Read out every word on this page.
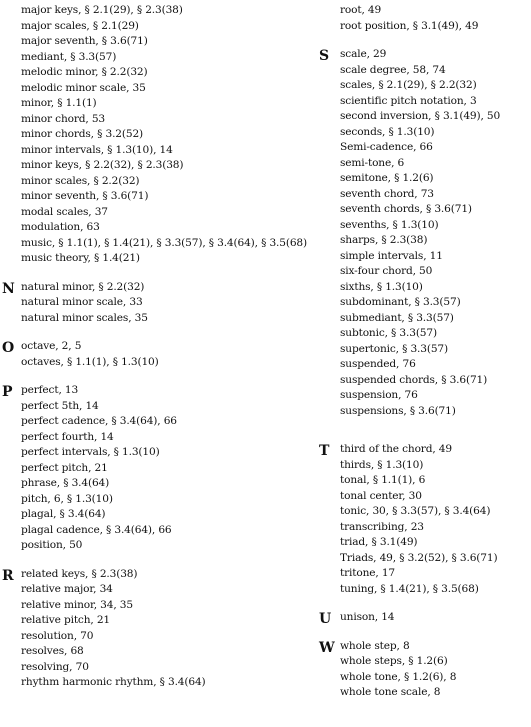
major keys, § 2.1(29), § 2.3(38)
major scales, § 2.1(29)
major seventh, § 3.6(71)
mediant, § 3.3(57)
melodic minor, § 2.2(32)
melodic minor scale, 35
minor, § 1.1(1)
minor chord, 53
minor chords, § 3.2(52)
minor intervals, § 1.3(10), 14
minor keys, § 2.2(32), § 2.3(38)
minor scales, § 2.2(32)
minor seventh, § 3.6(71)
modal scales, 37
modulation, 63
music, § 1.1(1), § 1.4(21), § 3.3(57), § 3.4(64), § 3.5(68)
music theory, § 1.4(21)
N natural minor, § 2.2(32)
natural minor scale, 33
natural minor scales, 35
O octave, 2, 5
octaves, § 1.1(1), § 1.3(10)
P perfect, 13
perfect 5th, 14
perfect cadence, § 3.4(64), 66
perfect fourth, 14
perfect intervals, § 1.3(10)
perfect pitch, 21
phrase, § 3.4(64)
pitch, 6, § 1.3(10)
plagal, § 3.4(64)
plagal cadence, § 3.4(64), 66
position, 50
R related keys, § 2.3(38)
relative major, 34
relative minor, 34, 35
relative pitch, 21
resolution, 70
resolves, 68
resolving, 70
rhythm harmonic rhythm, § 3.4(64)
root, 49
root position, § 3.1(49), 49
S scale, 29
scale degree, 58, 74
scales, § 2.1(29), § 2.2(32)
scientific pitch notation, 3
second inversion, § 3.1(49), 50
seconds, § 1.3(10)
Semi-cadence, 66
semi-tone, 6
semitone, § 1.2(6)
seventh chord, 73
seventh chords, § 3.6(71)
sevenths, § 1.3(10)
sharps, § 2.3(38)
simple intervals, 11
six-four chord, 50
sixths, § 1.3(10)
subdominant, § 3.3(57)
submediant, § 3.3(57)
subtonic, § 3.3(57)
supertonic, § 3.3(57)
suspended, 76
suspended chords, § 3.6(71)
suspension, 76
suspensions, § 3.6(71)
T third of the chord, 49
thirds, § 1.3(10)
tonal, § 1.1(1), 6
tonal center, 30
tonic, 30, § 3.3(57), § 3.4(64)
transcribing, 23
triad, § 3.1(49)
Triads, 49, § 3.2(52), § 3.6(71)
tritone, 17
tuning, § 1.4(21), § 3.5(68)
U unison, 14
W whole step, 8
whole steps, § 1.2(6)
whole tone, § 1.2(6), 8
whole tone scale, 8
